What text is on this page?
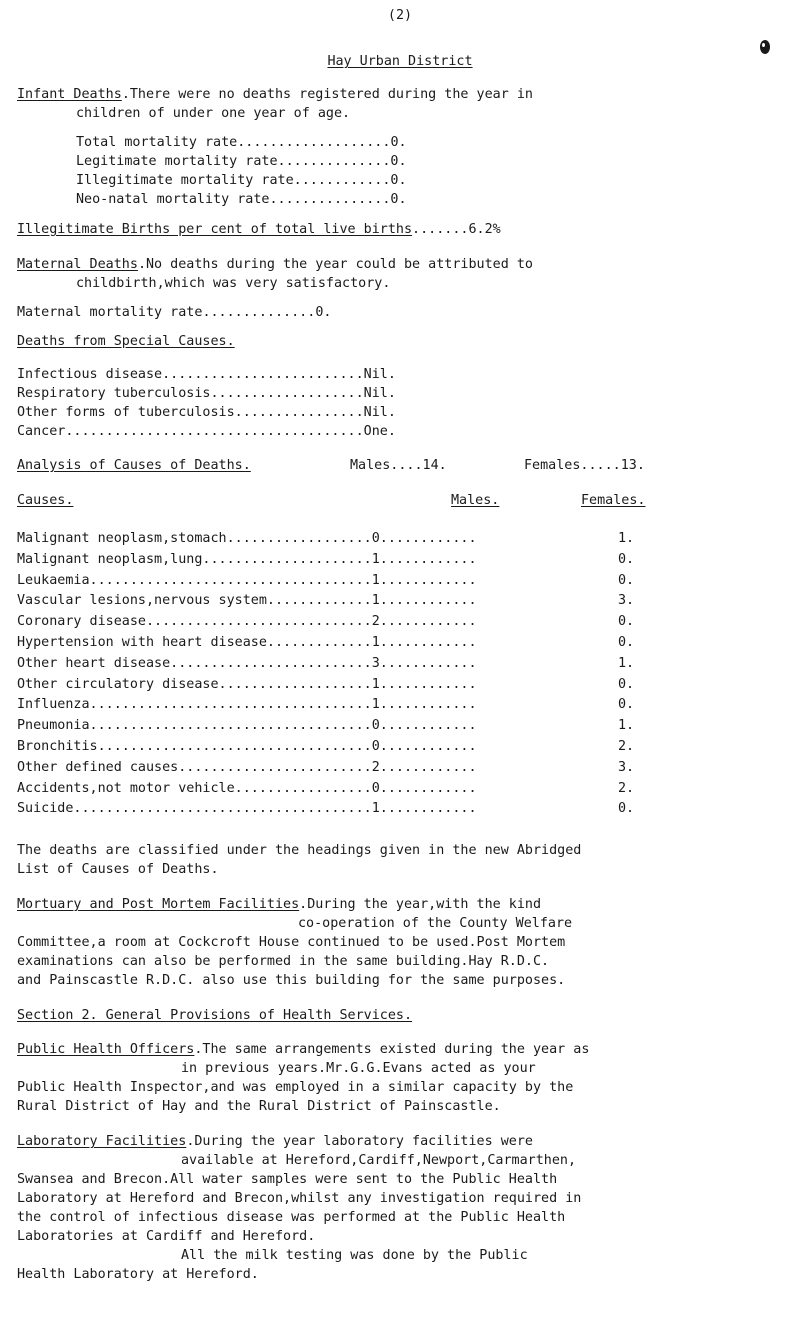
(2)
Hay Urban District
Infant Deaths.There were no deaths registered during the year in
children of under one year of age.
Total mortality rate...................0.
Legitimate mortality rate..............0.
Illegitimate mortality rate............0.
Neo-natal mortality rate...............0.
Illegitimate Births per cent of total live births.......6.2%
Maternal Deaths.No deaths during the year could be attributed to
childbirth,which was very satisfactory.
Maternal mortality rate..............0.
Deaths from Special Causes.
Infectious disease.........................Nil.
Respiratory tuberculosis...................Nil.
Other forms of tuberculosis................Nil.
Cancer.....................................One.
Analysis of Causes of Deaths.	Males....14.	Females.....13.
Causes.	Males.	Females.
Malignant neoplasm,stomach..................0............	1.
Malignant neoplasm,lung.....................1............	0.
Leukaemia...................................1............	0.
Vascular lesions,nervous system.............1............	3.
Coronary disease............................2............	0.
Hypertension with heart disease.............1............	0.
Other heart disease.........................3............	1.
Other circulatory disease...................1............	0.
Influenza...................................1............	0.
Pneumonia...................................0............	1.
Bronchitis..................................0............	2.
Other defined causes........................2............	3.
Accidents,not motor vehicle.................0............	2.
Suicide.....................................1............	0.
The deaths are classified under the headings given in the new Abridged
List of Causes of Deaths.
Mortuary and Post Mortem Facilities.During the year,with the kind
co-operation of the County Welfare
Committee,a room at Cockcroft House continued to be used.Post Mortem
examinations can also be performed in the same building.Hay R.D.C.
and Painscastle R.D.C. also use this building for the same purposes.
Section 2. General Provisions of Health Services.
Public Health Officers.The same arrangements existed during the year as
in previous years.Mr.G.G.Evans acted as your
Public Health Inspector,and was employed in a similar capacity by the
Rural District of Hay and the Rural District of Painscastle.
Laboratory Facilities.During the year laboratory facilities were
available at Hereford,Cardiff,Newport,Carmarthen,
Swansea and Brecon.All water samples were sent to the Public Health
Laboratory at Hereford and Brecon,whilst any investigation required in
the control of infectious disease was performed at the Public Health
Laboratories at Cardiff and Hereford.
All the milk testing was done by the Public
Health Laboratory at Hereford.
